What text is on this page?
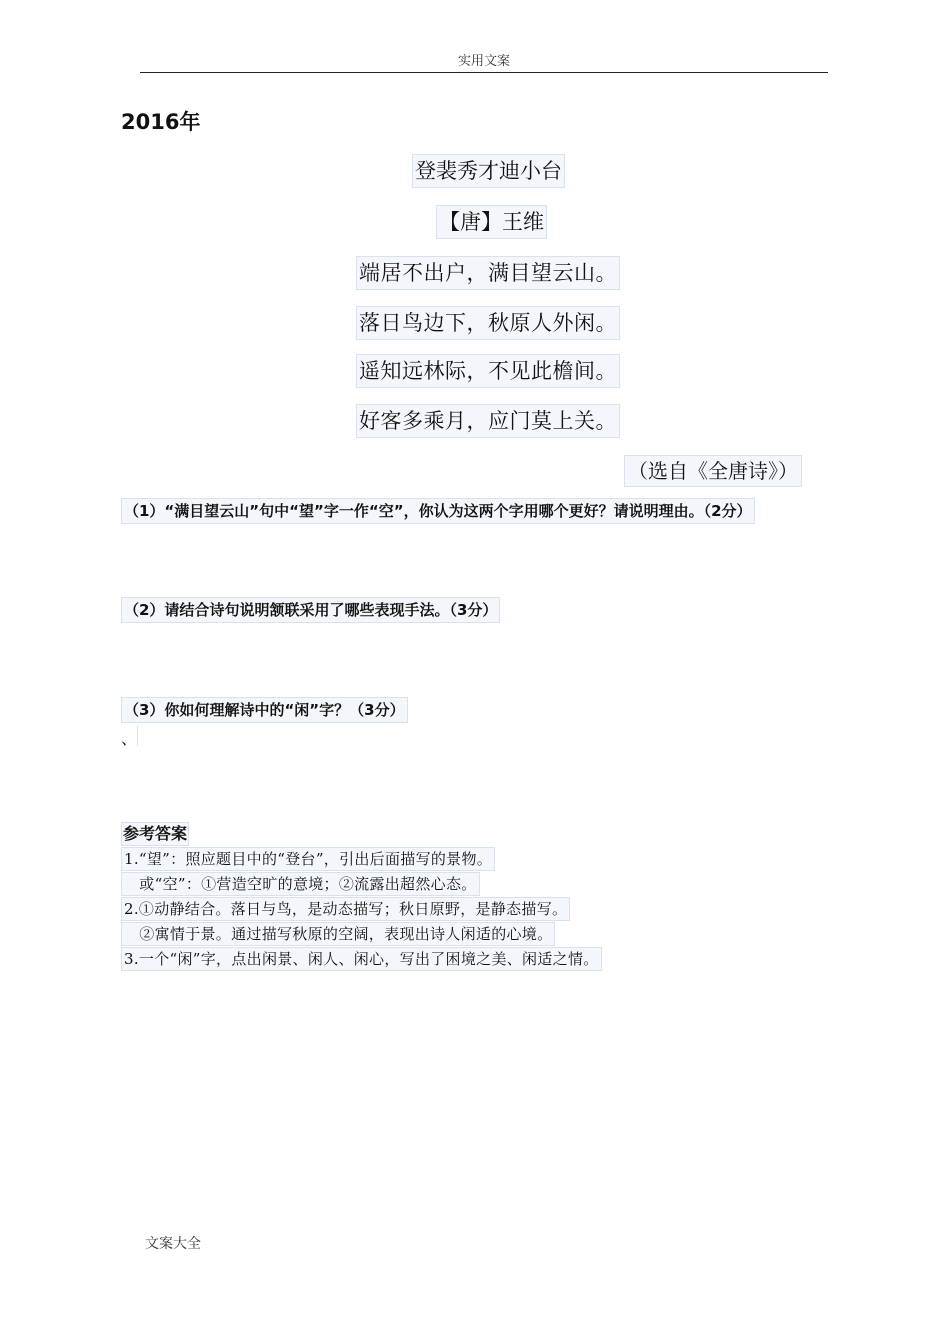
实用文案
2016年
登裴秀才迪小台
【唐】王维
端居不出户，满目望云山。
落日鸟边下，秋原人外闲。
遥知远林际，不见此檐间。
好客多乘月，应门莫上关。
（选自《全唐诗》）
（1）“满目望云山”句中“望”字一作“空”，你认为这两个字用哪个更好？请说明理由。（2分）
（2）请结合诗句说明颔联采用了哪些表现手法。（3分）
（3）你如何理解诗中的“闲”字？（3分）
、
参考答案
1.“望”：照应题目中的“登台”，引出后面描写的景物。
　或“空”：①营造空旷的意境；②流露出超然心态。
2.①动静结合。落日与鸟，是动态描写；秋日原野，是静态描写。
　②寓情于景。通过描写秋原的空阔，表现出诗人闲适的心境。
3.一个“闲”字，点出闲景、闲人、闲心，写出了困境之美、闲适之情。
文案大全
